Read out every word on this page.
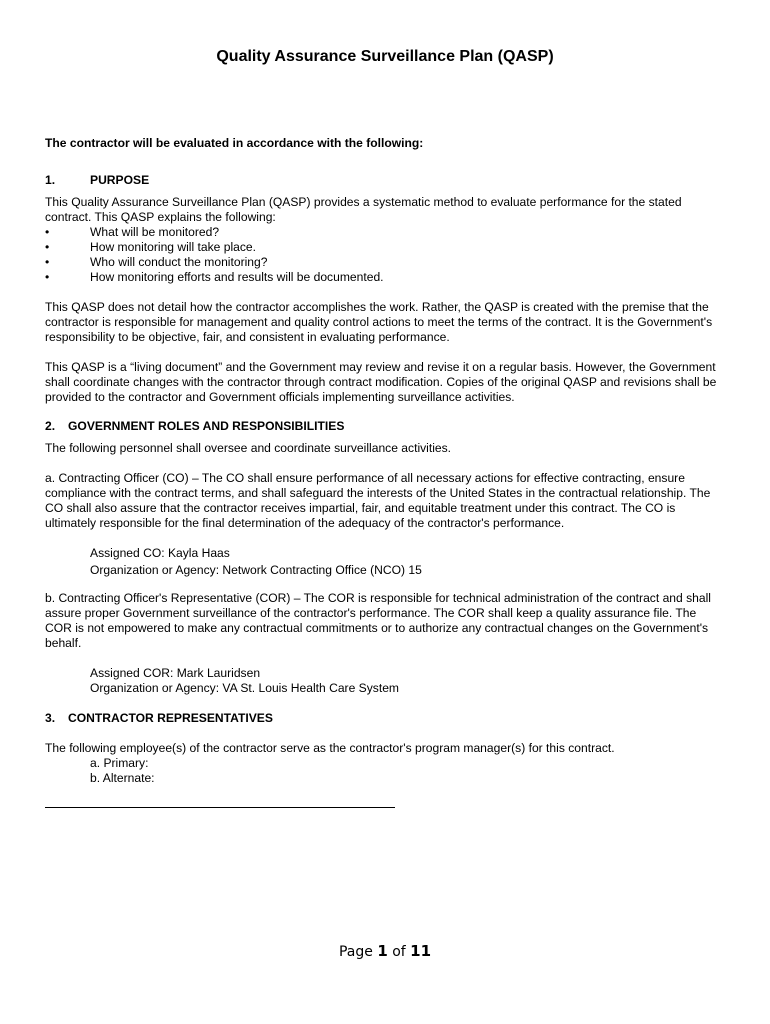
Quality Assurance Surveillance Plan (QASP)

The contractor will be evaluated in accordance with the following:

1.	PURPOSE

This Quality Assurance Surveillance Plan (QASP) provides a systematic method to evaluate performance for the stated contract. This QASP explains the following:

•	What will be monitored?
•	How monitoring will take place.
•	Who will conduct the monitoring?
•	How monitoring efforts and results will be documented.

This QASP does not detail how the contractor accomplishes the work. Rather, the QASP is created with the premise that the contractor is responsible for management and quality control actions to meet the terms of the contract. It is the Government's responsibility to be objective, fair, and consistent in evaluating performance.

This QASP is a “living document” and the Government may review and revise it on a regular basis. However, the Government shall coordinate changes with the contractor through contract modification. Copies of the original QASP and revisions shall be provided to the contractor and Government officials implementing surveillance activities.

2. GOVERNMENT ROLES AND RESPONSIBILITIES

The following personnel shall oversee and coordinate surveillance activities.

a. Contracting Officer (CO) – The CO shall ensure performance of all necessary actions for effective contracting, ensure compliance with the contract terms, and shall safeguard the interests of the United States in the contractual relationship. The CO shall also assure that the contractor receives impartial, fair, and equitable treatment under this contract. The CO is ultimately responsible for the final determination of the adequacy of the contractor's performance.

Assigned CO: Kayla Haas

Organization or Agency: Network Contracting Office (NCO) 15

b. Contracting Officer's Representative (COR) – The COR is responsible for technical administration of the contract and shall assure proper Government surveillance of the contractor's performance. The COR shall keep a quality assurance file. The COR is not empowered to make any contractual commitments or to authorize any contractual changes on the Government's behalf.

Assigned COR: Mark Lauridsen

Organization or Agency: VA St. Louis Health Care System

3. CONTRACTOR REPRESENTATIVES

The following employee(s) of the contractor serve as the contractor's program manager(s) for this contract.

a. Primary:

b. Alternate:

Page 1 of 11
